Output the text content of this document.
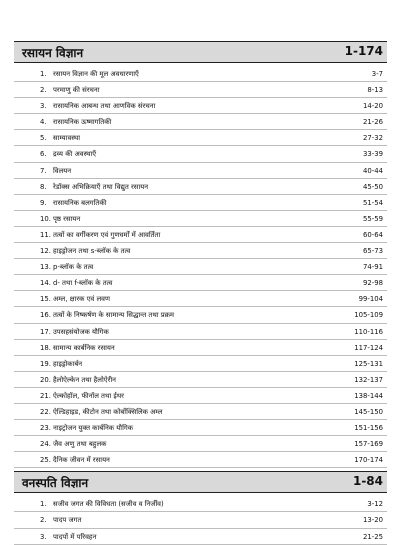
रसायन विज्ञान	1-174
1. रसायन विज्ञान की मूल अवधारणाएँ	3-7
2. परमाणु की संरचना	8-13
3. रासायनिक आबन्ध तथा आणविक संरचना	14-20
4. रासायनिक ऊष्मागतिकी	21-26
5. साम्यावस्था	27-32
6. द्रव्य की अवस्थाएँ	33-39
7. विलयन	40-44
8. रेडॉक्स अभिक्रियाएँ तथा विद्युत रसायन	45-50
9. रासायनिक बलगतिकी	51-54
10. पृष्ठ रसायन	55-59
11. तत्वों का वर्गीकरण एवं गुणधर्मों में आवर्तिता	60-64
12. हाइड्रोजन तथा s-ब्लॉक के तत्व	65-73
13. p-ब्लॉक के तत्व	74-91
14. d- तथा f-ब्लॉक के तत्व	92-98
15. अम्ल, क्षारक एवं लवण	99-104
16. तत्वों के निष्कर्षण के सामान्य सिद्धान्त तथा प्रक्रम	105-109
17. उपसहसंयोजक यौगिक	110-116
18. सामान्य कार्बनिक रसायन	117-124
19. हाइड्रोकार्बन	125-131
20. हैलोऐल्केन तथा हैलोऐरीन	132-137
21. ऐल्कोहॉल, फीनॉल तथा ईथर	138-144
22. ऐल्डिहाइड, कीटोन तथा कोर्बोक्सिलिक अम्ल	145-150
23. नाइट्रोजन युक्त कार्बनिक यौगिक	151-156
24. जैव अणु तथा बहुलक	157-169
25. दैनिक जीवन में रसायन	170-174
वनस्पति विज्ञान	1-84
1. सजीव जगत की विविधता (सजीव व निर्जीव)	3-12
2. पादप जगत	13-20
3. पादपों में परिवहन	21-25
